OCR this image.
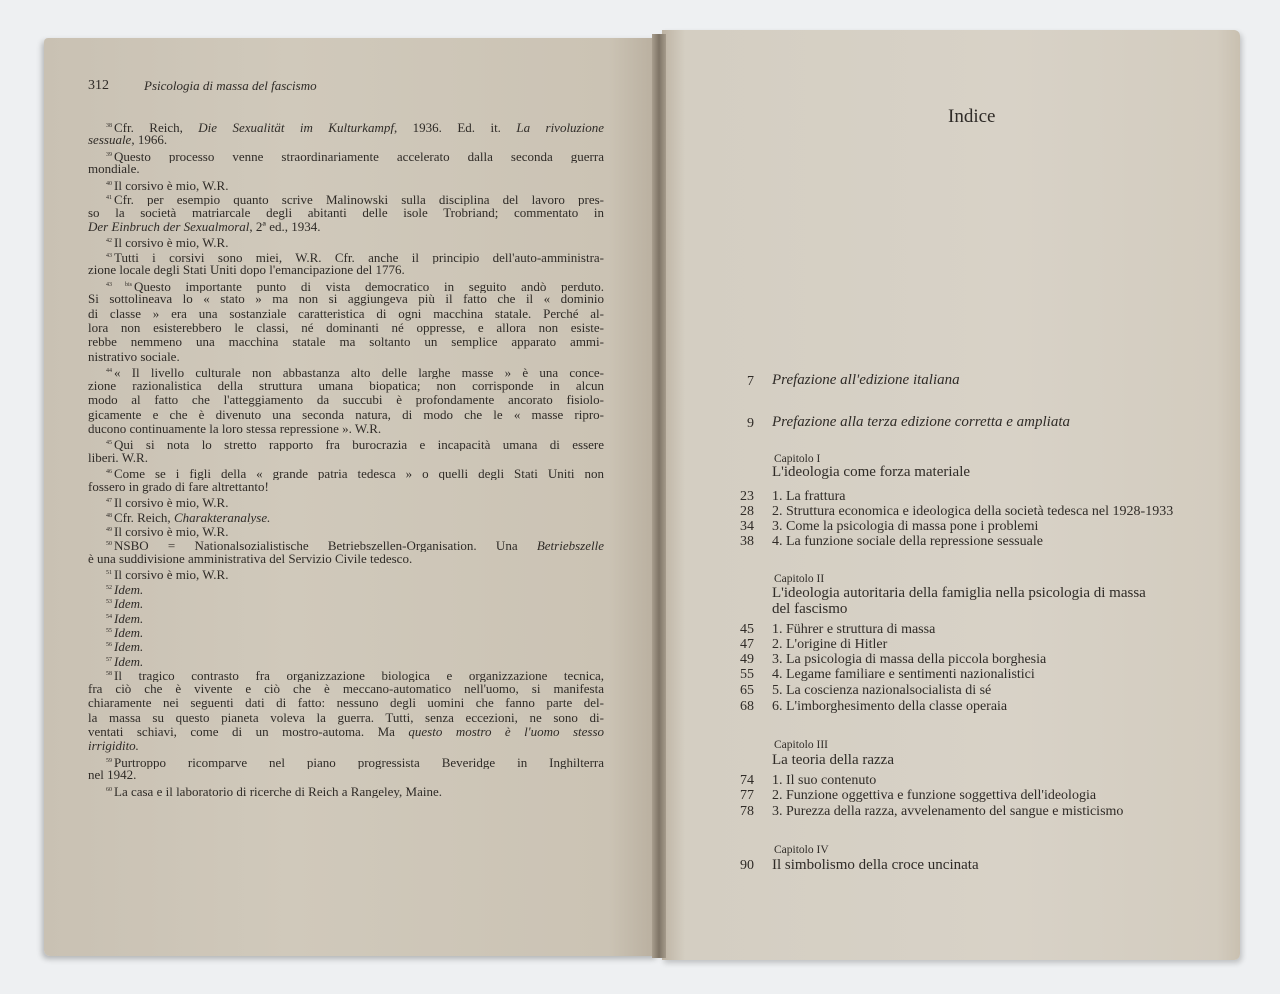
312	Psicologia di massa del fascismo
$^{38}$ Cfr. Reich, Die Sexualität im Kulturkampf, 1936. Ed. it. La rivoluzione
sessuale, 1966.
$^{39}$ Questo processo venne straordinariamente accelerato dalla seconda guerra
mondiale.
$^{40}$ Il corsivo è mio, W.R.
$^{41}$ Cfr. per esempio quanto scrive Malinowski sulla disciplina del lavoro pres-
so la società matriarcale degli abitanti delle isole Trobriand; commentato in
Der Einbruch der Sexualmoral, 2ª ed., 1934.
$^{42}$ Il corsivo è mio, W.R.
$^{43}$ Tutti i corsivi sono miei, W.R. Cfr. anche il principio dell'auto-amministra-
zione locale degli Stati Uniti dopo l'emancipazione del 1776.
$^{43 bis}$ Questo importante punto di vista democratico in seguito andò perduto.
Si sottolineava lo « stato » ma non si aggiungeva più il fatto che il « dominio
di classe » era una sostanziale caratteristica di ogni macchina statale. Perché al-
lora non esisterebbero le classi, né dominanti né oppresse, e allora non esiste-
rebbe nemmeno una macchina statale ma soltanto un semplice apparato ammi-
nistrativo sociale.
$^{44}$ « Il livello culturale non abbastanza alto delle larghe masse » è una conce-
zione razionalistica della struttura umana biopatica; non corrisponde in alcun
modo al fatto che l'atteggiamento da succubi è profondamente ancorato fisiolo-
gicamente e che è divenuto una seconda natura, di modo che le « masse ripro-
ducono continuamente la loro stessa repressione ». W.R.
$^{45}$ Qui si nota lo stretto rapporto fra burocrazia e incapacità umana di essere
liberi. W.R.
$^{46}$ Come se i figli della « grande patria tedesca » o quelli degli Stati Uniti non
fossero in grado di fare altrettanto!
$^{47}$ Il corsivo è mio, W.R.
$^{48}$ Cfr. Reich, Charakteranalyse.
$^{49}$ Il corsivo è mio, W.R.
$^{50}$ NSBO = Nationalsozialistische Betriebszellen-Organisation. Una Betriebszelle
è una suddivisione amministrativa del Servizio Civile tedesco.
$^{51}$ Il corsivo è mio, W.R.
$^{52}$ Idem.
$^{53}$ Idem.
$^{54}$ Idem.
$^{55}$ Idem.
$^{56}$ Idem.
$^{57}$ Idem.
$^{58}$ Il tragico contrasto fra organizzazione biologica e organizzazione tecnica,
fra ciò che è vivente e ciò che è meccano-automatico nell'uomo, si manifesta
chiaramente nei seguenti dati di fatto: nessuno degli uomini che fanno parte del-
la massa su questo pianeta voleva la guerra. Tutti, senza eccezioni, ne sono di-
ventati schiavi, come di un mostro-automa. Ma questo mostro è l'uomo stesso
irrigidito.
$^{59}$ Purtroppo ricomparve nel piano progressista Beveridge in Inghilterra
nel 1942.
$^{60}$ La casa e il laboratorio di ricerche di Reich a Rangeley, Maine.
Indice
7 Prefazione all'edizione italiana
9 Prefazione alla terza edizione corretta e ampliata
Capitolo I
L'ideologia come forza materiale
23 1. La frattura
28 2. Struttura economica e ideologica della società tedesca nel 1928-1933
34 3. Come la psicologia di massa pone i problemi
38 4. La funzione sociale della repressione sessuale
Capitolo II
L'ideologia autoritaria della famiglia nella psicologia di massa
del fascismo
45 1. Führer e struttura di massa
47 2. L'origine di Hitler
49 3. La psicologia di massa della piccola borghesia
55 4. Legame familiare e sentimenti nazionalistici
65 5. La coscienza nazionalsocialista di sé
68 6. L'imborghesimento della classe operaia
Capitolo III
La teoria della razza
74 1. Il suo contenuto
77 2. Funzione oggettiva e funzione soggettiva dell'ideologia
78 3. Purezza della razza, avvelenamento del sangue e misticismo
Capitolo IV
Il simbolismo della croce uncinata
90
